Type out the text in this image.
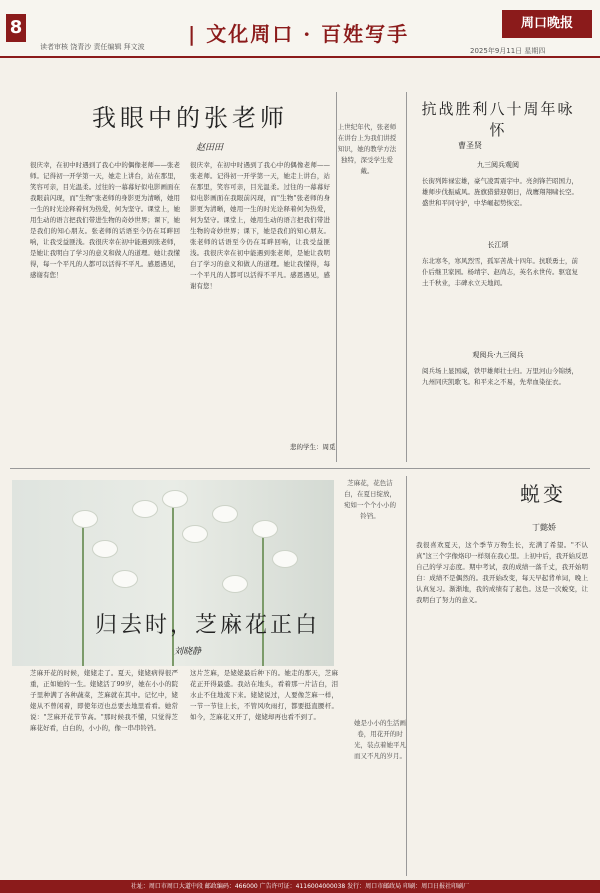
8
读者审核 饶青沙 责任编辑 拜文波
| 文化周口 · 百姓写手	周口晚报
2025年9月11日 星期四
我眼中的张老师
赵田田
很庆幸，在初中时遇到了我心中的偶像老师——张老师。记得初一开学第一天，她走上讲台，站在那里，笑容可亲，目光温柔。过往的一幕幕好似电影画面在我眼前闪现，而"生物"张老师的身影更为清晰，她用一生的时光诠释着何为热爱，何为坚守。课堂上，她用生动的语言把我们带进生物的奇妙世界；课下，她是我们的知心朋友。张老师的话语至今仍在耳畔回响，让我受益匪浅。我很庆幸在初中能遇到张老师，是她让我明白了学习的意义和做人的道理。她让我懂得，每一个平凡的人都可以活得不平凡。感恩遇见，感谢有您！
很庆幸，在初中时遇到了我心中的偶像老师——张老师。记得初一开学第一天，她走上讲台，站在那里，笑容可亲，目光温柔。过往的一幕幕好似电影画面在我眼前闪现，而"生物"张老师的身影更为清晰，她用一生的时光诠释着何为热爱，何为坚守。课堂上，她用生动的语言把我们带进生物的奇妙世界；课下，她是我们的知心朋友。张老师的话语至今仍在耳畔回响，让我受益匪浅。我很庆幸在初中能遇到张老师，是她让我明白了学习的意义和做人的道理。她让我懂得，每一个平凡的人都可以活得不平凡。感恩遇见，感谢有您！
悲的学生：周觅
上世纪年代，张老师在讲台上为我们讲授知识，她的教学方法独特，深受学生爱戴。
抗战胜利八十周年咏怀
曹圣贤
九三阅兵观阅
长街列阵禄宏雄，豪气凌霄震宇中。亮剑锋芒昭国力，雄师步伐振威风。旌旗猎猎迎朝日，战鹰翔翔啸长空。盛世和平同守护，中华崛起势恢宏。
长江颂
东北寒冬，寒风烈雪，孤军苦战十四年。抗联勇士，前仆后继卫家园。杨靖宇、赵尚志，英名永世传。驱寇复土千秋业，丰碑永立天地间。
观阅兵·九三阅兵
阅兵场上显国威，铁甲雄师壮士归。万里河山今锦绣，九州同庆凯歌飞。和平来之不易，先辈血染征衣。
芝麻花，花色洁白，在夏日绽放，宛如一个个小小的铃铛。
归去时，芝麻花正白
刘晓静
芝麻开花的时候，姥姥走了。夏天，姥姥病得很严重，正如她的一生。姥姥活了99岁，她在小小的院子里种满了各种蔬菜，芝麻就在其中。记忆中，姥姥从不曾闲着，即使年迈也总要去地里看看。她常说："芝麻开花节节高。"那时候我不懂，只觉得芝麻花好看，白白的，小小的，像一串串铃铛。
这片芝麻，是姥姥最后种下的。她走的那天，芝麻花正开得最盛。我站在地头，看着那一片洁白，泪水止不住地流下来。姥姥说过，人要像芝麻一样，一节一节往上长，不管风吹雨打，都要挺直腰杆。如今，芝麻花又开了，姥姥却再也看不到了。
她是小小的生活画卷，用花开的时光，装点着她平凡而又不凡的岁月。
蜕变
丁懿娇
我很喜欢夏天，这个季节万物生长，充满了希望。"不认真"这三个字像烙印一样刻在我心里。上初中后，我开始反思自己的学习态度。期中考试，我的成绩一落千丈，我开始明白：成绩不是偶然的。我开始改变，每天早起背单词，晚上认真复习。渐渐地，我的成绩有了起色。这是一次蜕变，让我明白了努力的意义。
社址：周口市周口大道中段 邮政编码：466000 广告许可证：4116004000038 发行：周口市邮政局 印刷：周口日报社印刷厂
